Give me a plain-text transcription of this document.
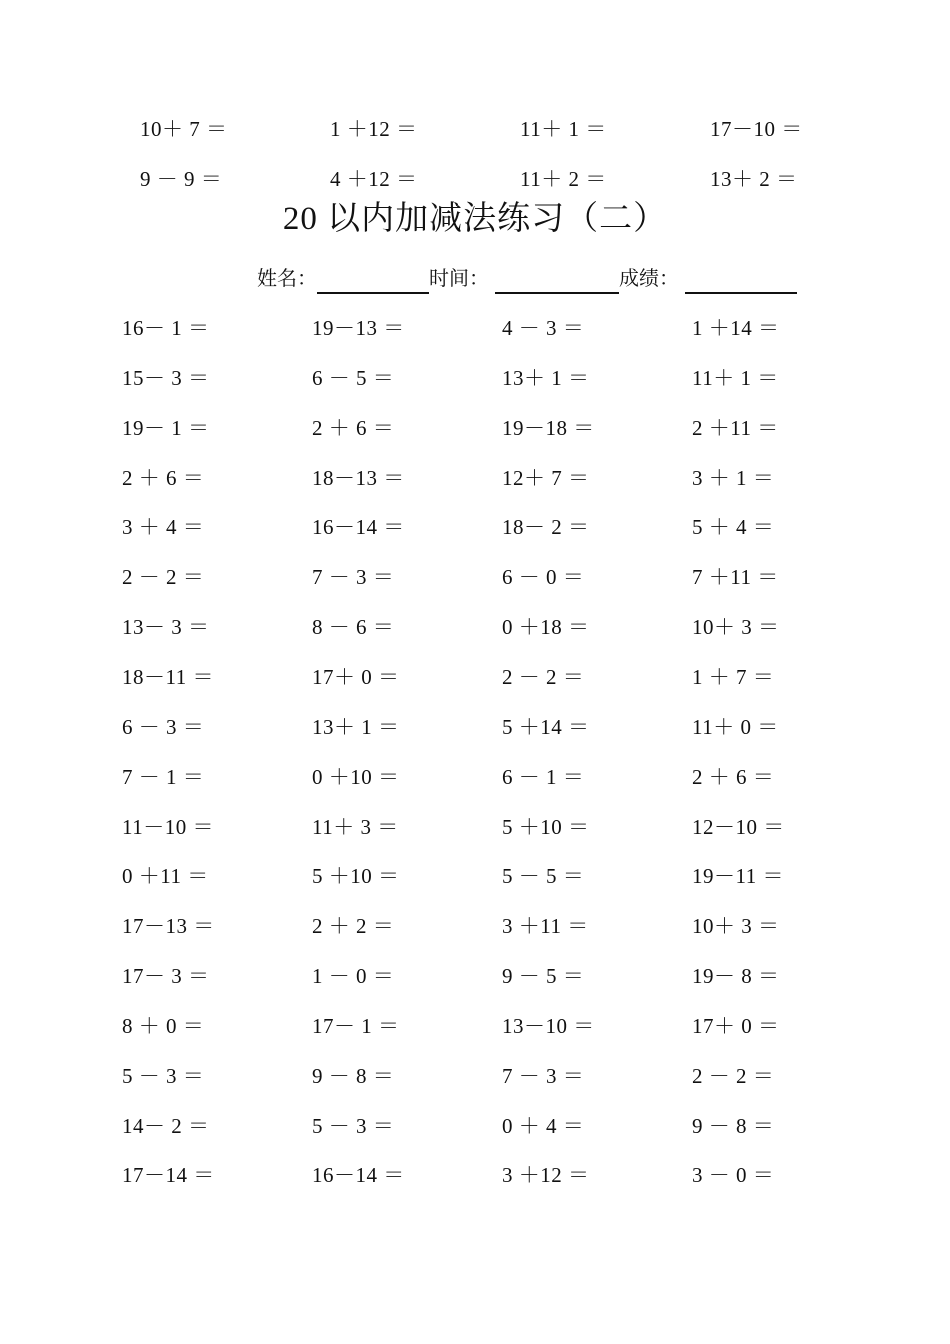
10＋ 7 ＝	1 ＋12 ＝	11＋ 1 ＝	17－10 ＝
9 － 9 ＝	4 ＋12 ＝	11＋ 2 ＝	13＋ 2 ＝
20 以内加减法练习（二）
姓名：	时间：	成绩：
16－ 1 ＝	19－13 ＝	4 － 3 ＝	1 ＋14 ＝
15－ 3 ＝	6 － 5 ＝	13＋ 1 ＝	11＋ 1 ＝
19－ 1 ＝	2 ＋ 6 ＝	19－18 ＝	2 ＋11 ＝
2 ＋ 6 ＝	18－13 ＝	12＋ 7 ＝	3 ＋ 1 ＝
3 ＋ 4 ＝	16－14 ＝	18－ 2 ＝	5 ＋ 4 ＝
2 － 2 ＝	7 － 3 ＝	6 － 0 ＝	7 ＋11 ＝
13－ 3 ＝	8 － 6 ＝	0 ＋18 ＝	10＋ 3 ＝
18－11 ＝	17＋ 0 ＝	2 － 2 ＝	1 ＋ 7 ＝
6 － 3 ＝	13＋ 1 ＝	5 ＋14 ＝	11＋ 0 ＝
7 － 1 ＝	0 ＋10 ＝	6 － 1 ＝	2 ＋ 6 ＝
11－10 ＝	11＋ 3 ＝	5 ＋10 ＝	12－10 ＝
0 ＋11 ＝	5 ＋10 ＝	5 － 5 ＝	19－11 ＝
17－13 ＝	2 ＋ 2 ＝	3 ＋11 ＝	10＋ 3 ＝
17－ 3 ＝	1 － 0 ＝	9 － 5 ＝	19－ 8 ＝
8 ＋ 0 ＝	17－ 1 ＝	13－10 ＝	17＋ 0 ＝
5 － 3 ＝	9 － 8 ＝	7 － 3 ＝	2 － 2 ＝
14－ 2 ＝	5 － 3 ＝	0 ＋ 4 ＝	9 － 8 ＝
17－14 ＝	16－14 ＝	3 ＋12 ＝	3 － 0 ＝
